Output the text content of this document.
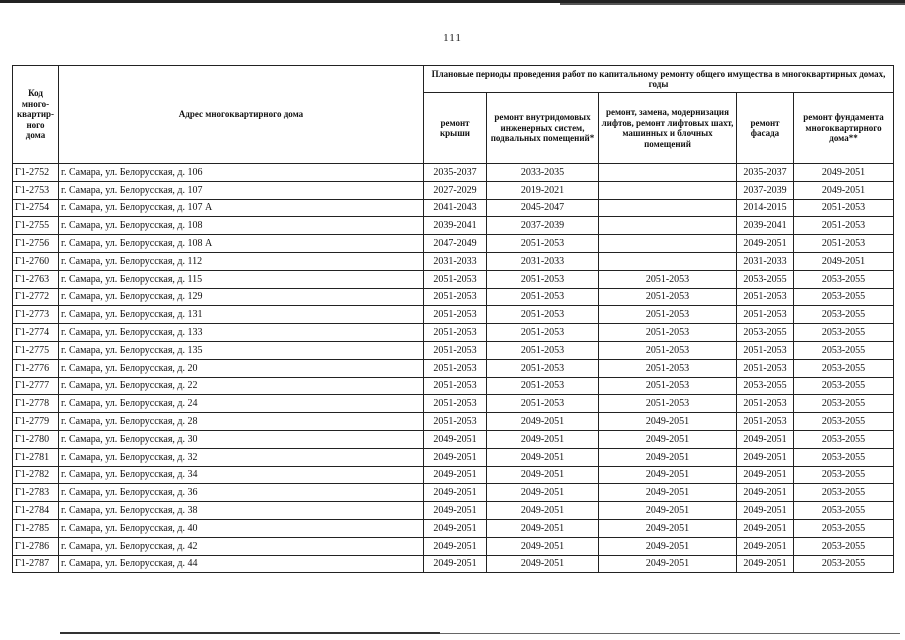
111
Код
много-
квартир-
ного
дома	Адрес многоквартирного дома	Плановые периоды проведения работ по капитальному ремонту общего имущества в многоквартирных домах, годы				
		ремонт крыши	ремонт внутридомовых инженерных систем, подвальных помещений*	ремонт, замена, модернизация лифтов, ремонт лифтовых шахт, машинных и блочных помещений	ремонт фасада	ремонт фундамента многоквартирного дома**
Г1-2752	г. Самара, ул. Белорусская, д. 106	2035-2037	2033-2035		2035-2037	2049-2051
Г1-2753	г. Самара, ул. Белорусская, д. 107	2027-2029	2019-2021		2037-2039	2049-2051
Г1-2754	г. Самара, ул. Белорусская, д. 107 А	2041-2043	2045-2047		2014-2015	2051-2053
Г1-2755	г. Самара, ул. Белорусская, д. 108	2039-2041	2037-2039		2039-2041	2051-2053
Г1-2756	г. Самара, ул. Белорусская, д. 108 А	2047-2049	2051-2053		2049-2051	2051-2053
Г1-2760	г. Самара, ул. Белорусская, д. 112	2031-2033	2031-2033		2031-2033	2049-2051
Г1-2763	г. Самара, ул. Белорусская, д. 115	2051-2053	2051-2053	2051-2053	2053-2055	2053-2055
Г1-2772	г. Самара, ул. Белорусская, д. 129	2051-2053	2051-2053	2051-2053	2051-2053	2053-2055
Г1-2773	г. Самара, ул. Белорусская, д. 131	2051-2053	2051-2053	2051-2053	2051-2053	2053-2055
Г1-2774	г. Самара, ул. Белорусская, д. 133	2051-2053	2051-2053	2051-2053	2053-2055	2053-2055
Г1-2775	г. Самара, ул. Белорусская, д. 135	2051-2053	2051-2053	2051-2053	2051-2053	2053-2055
Г1-2776	г. Самара, ул. Белорусская, д. 20	2051-2053	2051-2053	2051-2053	2051-2053	2053-2055
Г1-2777	г. Самара, ул. Белорусская, д. 22	2051-2053	2051-2053	2051-2053	2053-2055	2053-2055
Г1-2778	г. Самара, ул. Белорусская, д. 24	2051-2053	2051-2053	2051-2053	2051-2053	2053-2055
Г1-2779	г. Самара, ул. Белорусская, д. 28	2051-2053	2049-2051	2049-2051	2051-2053	2053-2055
Г1-2780	г. Самара, ул. Белорусская, д. 30	2049-2051	2049-2051	2049-2051	2049-2051	2053-2055
Г1-2781	г. Самара, ул. Белорусская, д. 32	2049-2051	2049-2051	2049-2051	2049-2051	2053-2055
Г1-2782	г. Самара, ул. Белорусская, д. 34	2049-2051	2049-2051	2049-2051	2049-2051	2053-2055
Г1-2783	г. Самара, ул. Белорусская, д. 36	2049-2051	2049-2051	2049-2051	2049-2051	2053-2055
Г1-2784	г. Самара, ул. Белорусская, д. 38	2049-2051	2049-2051	2049-2051	2049-2051	2053-2055
Г1-2785	г. Самара, ул. Белорусская, д. 40	2049-2051	2049-2051	2049-2051	2049-2051	2053-2055
Г1-2786	г. Самара, ул. Белорусская, д. 42	2049-2051	2049-2051	2049-2051	2049-2051	2053-2055
Г1-2787	г. Самара, ул. Белорусская, д. 44	2049-2051	2049-2051	2049-2051	2049-2051	2053-2055
